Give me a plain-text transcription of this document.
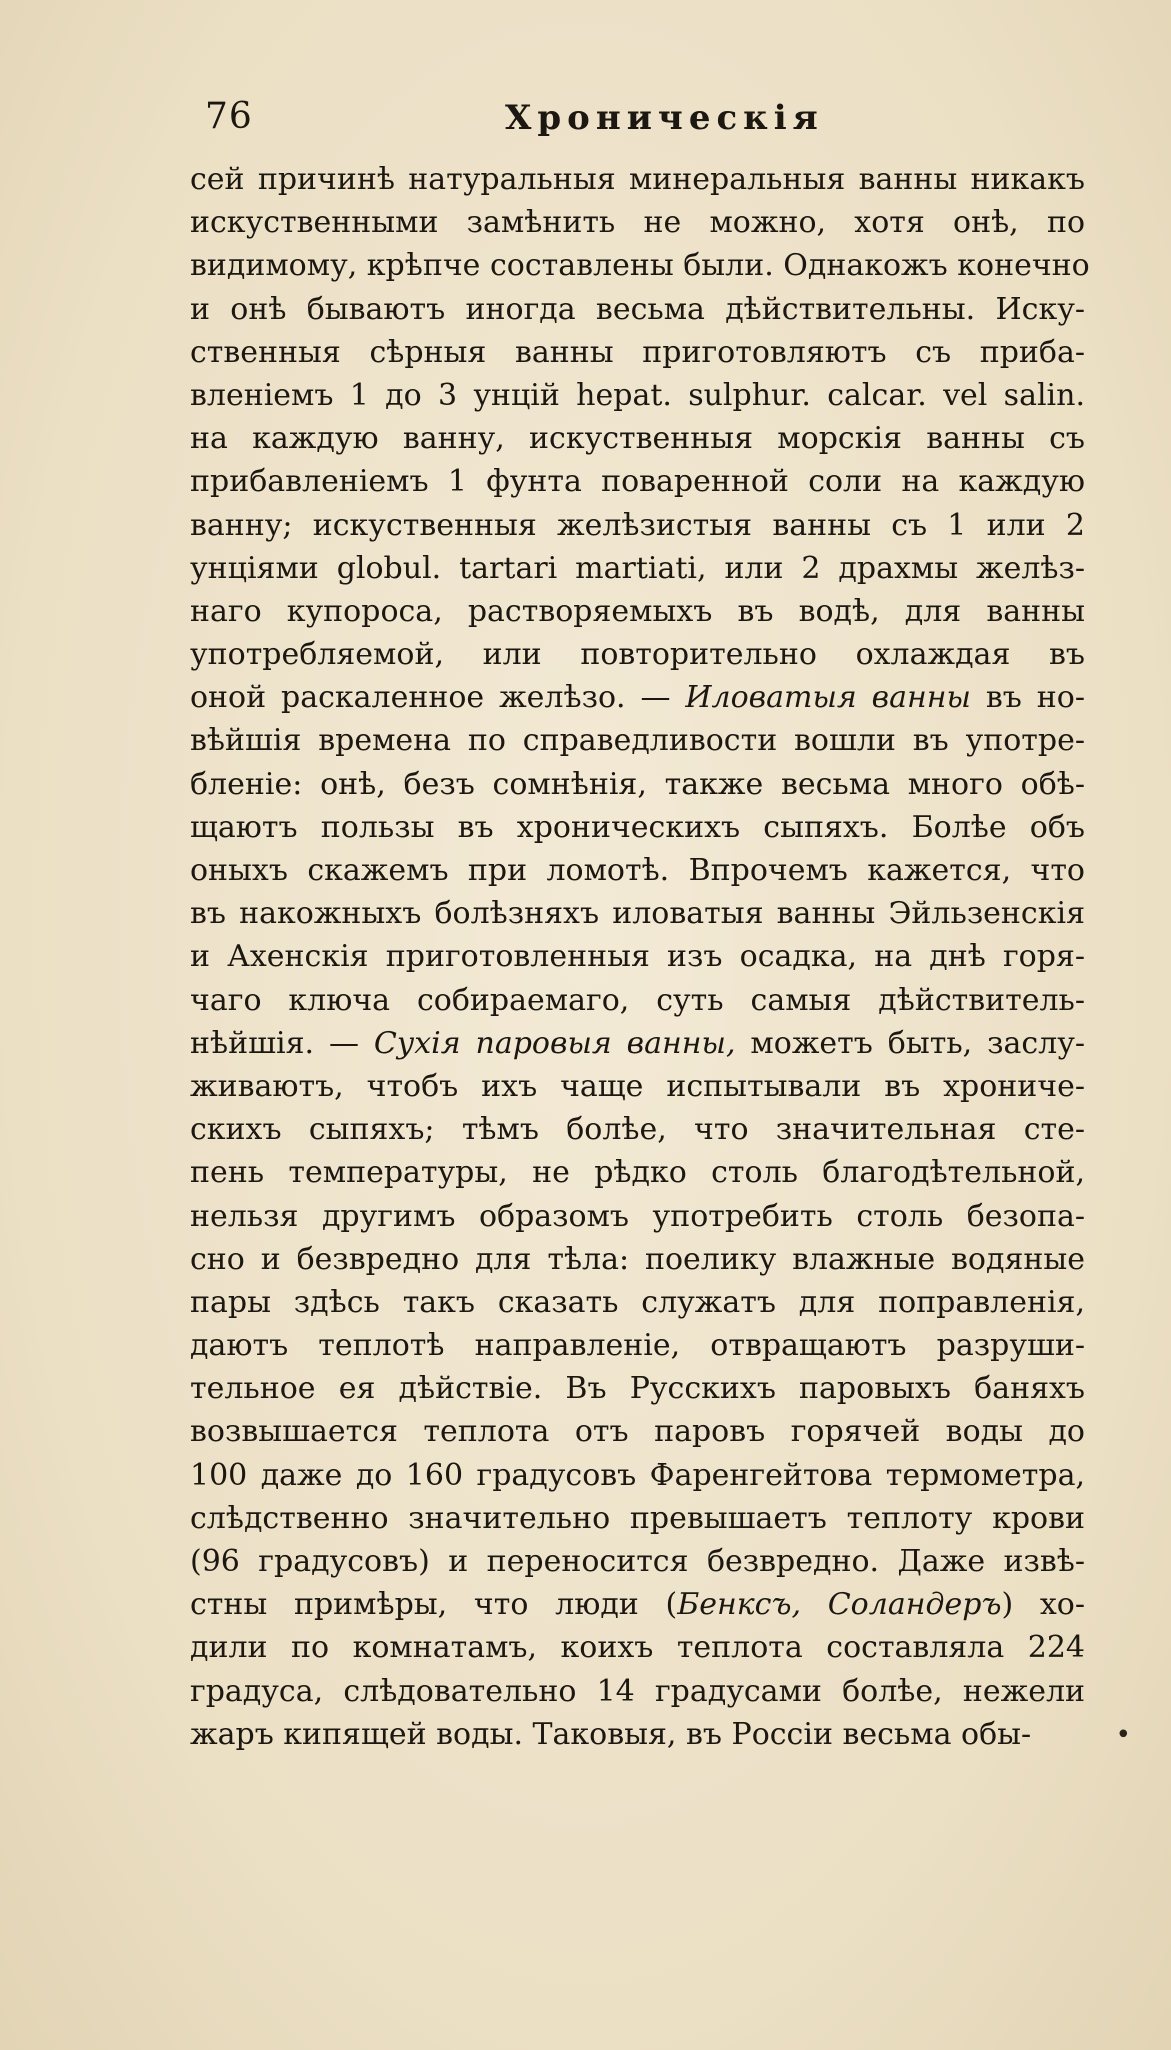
76	Хроническія
сей причинѣ натуральныя минеральныя ванны никакъ
искуственными замѣнить не можно, хотя онѣ, по
видимому, крѣпче составлены были. Однакожъ конечно
и онѣ бываютъ иногда весьма дѣйствительны. Иску-
ственныя сѣрныя ванны приготовляютъ съ приба-
вленіемъ 1 до 3 унцій hepat. sulphur. calcar. vel salin.
на каждую ванну, искуственныя морскія ванны съ
прибавленіемъ 1 фунта поваренной соли на каждую
ванну; искуственныя желѣзистыя ванны съ 1 или 2
унціями globul. tartari martiati, или 2 драхмы желѣз-
наго купороса, растворяемыхъ въ водѣ, для ванны
употребляемой, или повторительно охлаждая въ
оной раскаленное желѣзо. — Иловатыя ванны въ но-
вѣйшія времена по справедливости вошли въ употре-
бленіе: онѣ, безъ сомнѣнія, также весьма много обѣ-
щаютъ пользы въ хроническихъ сыпяхъ. Болѣе объ
оныхъ скажемъ при ломотѣ. Впрочемъ кажется, что
въ накожныхъ болѣзняхъ иловатыя ванны Эйльзенскія
и Ахенскія приготовленныя изъ осадка, на днѣ горя-
чаго ключа собираемаго, суть самыя дѣйствитель-
нѣйшія. — Сухія паровыя ванны, можетъ быть, заслу-
живаютъ, чтобъ ихъ чаще испытывали въ хрониче-
скихъ сыпяхъ; тѣмъ болѣе, что значительная сте-
пень температуры, не рѣдко столь благодѣтельной,
нельзя другимъ образомъ употребить столь безопа-
сно и безвредно для тѣла: поелику влажные водяные
пары здѣсь такъ сказать служатъ для поправленія,
даютъ теплотѣ направленіе, отвращаютъ разруши-
тельное ея дѣйствіе. Въ Русскихъ паровыхъ баняхъ
возвышается теплота отъ паровъ горячей воды до
100 даже до 160 градусовъ Фаренгейтова термометра,
слѣдственно значительно превышаетъ теплоту крови
(96 градусовъ) и переносится безвредно. Даже извѣ-
стны примѣры, что люди (Бенксъ, Соландеръ) хо-
дили по комнатамъ, коихъ теплота составляла 224
градуса, слѣдовательно 14 градусами болѣе, нежели
жаръ кипящей воды. Таковыя, въ Россіи весьма обы-	•
